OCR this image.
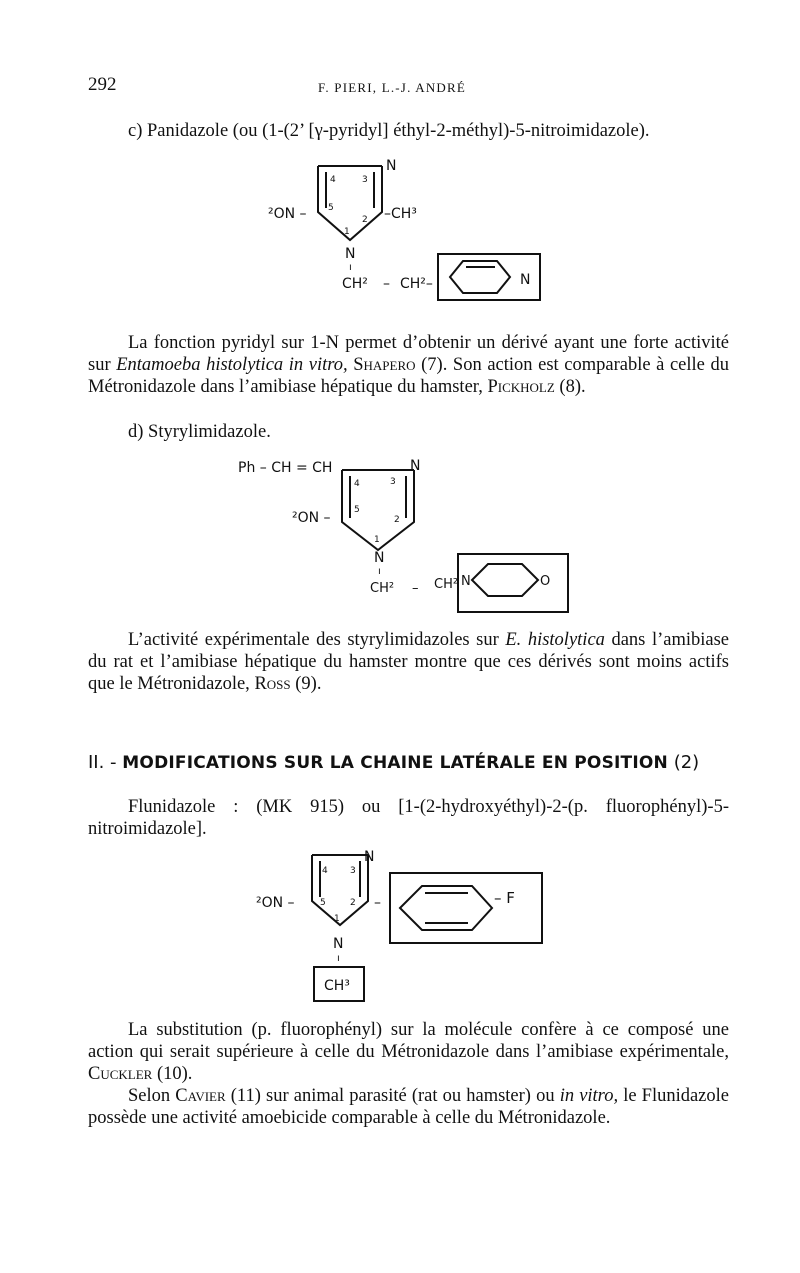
292	F. PIERI, L.-J. ANDRÉ
c) Panidazole (ou (1-(2’ [γ-pyridyl] éthyl-2-méthyl)-5-nitroimidazole).
N
4	3
5
2
1
²ON –	–CH³
N
ı
CH² – CH²–	N
La fonction pyridyl sur 1-N permet d’obtenir un dérivé ayant une forte activité sur Entamoeba histolytica in vitro, Shapero (7). Son action est comparable à celle du Métronidazole dans l’amibiase hépatique du hamster, Pickholz (8).
d) Styrylimidazole.
Ph – CH = CH	N
4	3
5
2
1
²ON –
N
ı
CH² – CH² N	O
L’activité expérimentale des styrylimidazoles sur E. histolytica dans l’amibiase du rat et l’amibiase hépatique du hamster montre que ces dérivés sont moins actifs que le Métronidazole, Ross (9).
II. - MODIFICATIONS SUR LA CHAINE LATÉRALE EN POSITION (2)
Flunidazole : (MK 915) ou [1-(2-hydroxyéthyl)-2-(p. fluorophényl)-5-nitroimidazole].
N
4 3
5	2
1
²ON –	–	– F
N
ı
CH³
La substitution (p. fluorophényl) sur la molécule confère à ce composé une action qui serait supérieure à celle du Métronidazole dans l’amibiase expérimentale, Cuckler (10).
Selon Cavier (11) sur animal parasité (rat ou hamster) ou in vitro, le Flunidazole possède une activité amoebicide comparable à celle du Métronidazole.
